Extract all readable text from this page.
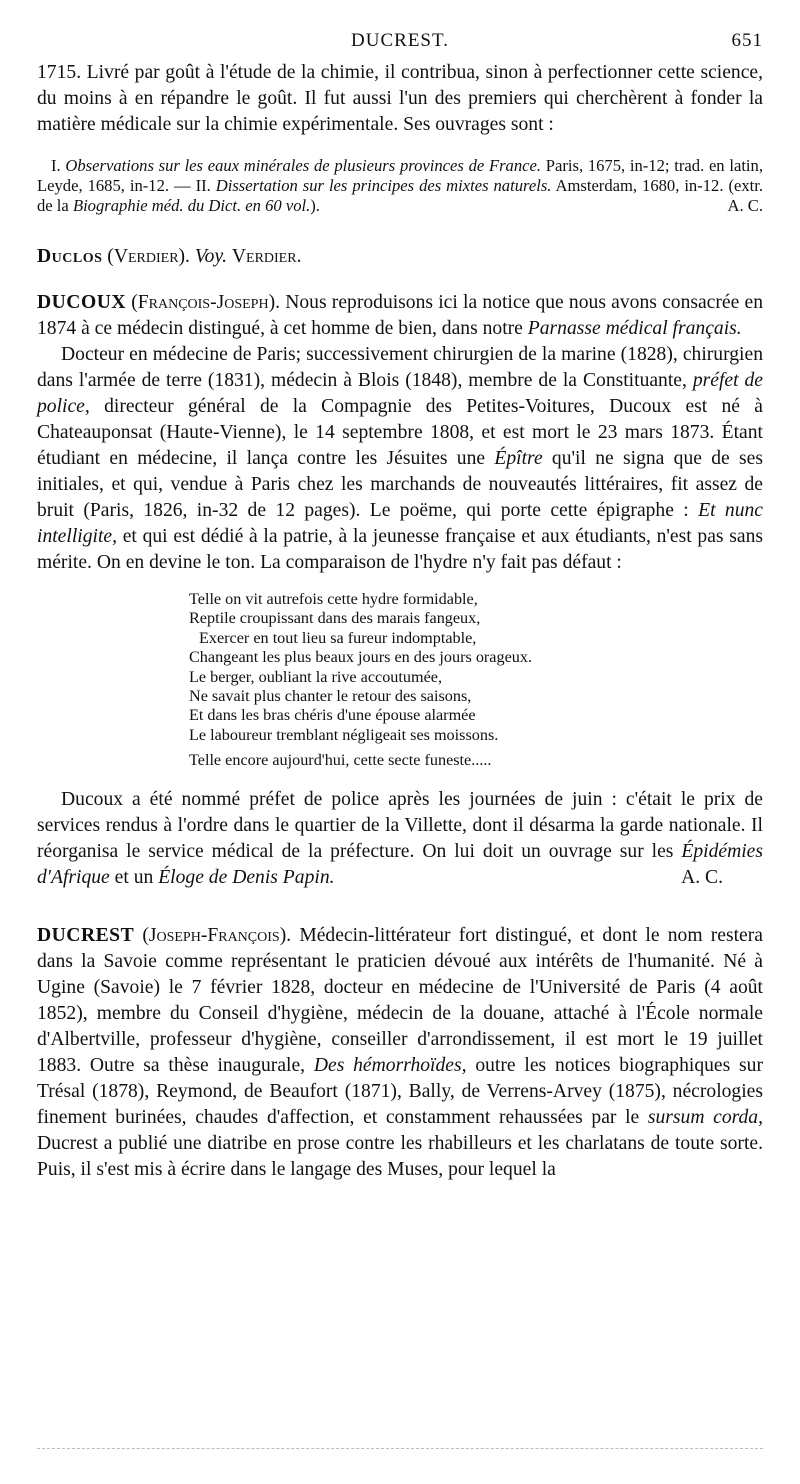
DUCREST.	651

1715. Livré par goût à l'étude de la chimie, il contribua, sinon à perfectionner cette science, du moins à en répandre le goût. Il fut aussi l'un des premiers qui cherchèrent à fonder la matière médicale sur la chimie expérimentale. Ses ouvrages sont :

I. Observations sur les eaux minérales de plusieurs provinces de France. Paris, 1675, in-12; trad. en latin, Leyde, 1685, in-12. — II. Dissertation sur les principes des mixtes naturels. Amsterdam, 1680, in-12. (extr. de la Biographie méd. du Dict. en 60 vol.).	A. C.

Duclos (Verdier). Voy. Verdier.

DUCOUX (François-Joseph). Nous reproduisons ici la notice que nous avons consacrée en 1874 à ce médecin distingué, à cet homme de bien, dans notre Parnasse médical français.

Docteur en médecine de Paris; successivement chirurgien de la marine (1828), chirurgien dans l'armée de terre (1831), médecin à Blois (1848), membre de la Constituante, préfet de police, directeur général de la Compagnie des Petites-Voitures, Ducoux est né à Chateauponsat (Haute-Vienne), le 14 septembre 1808, et est mort le 23 mars 1873. Étant étudiant en médecine, il lança contre les Jésuites une Épître qu'il ne signa que de ses initiales, et qui, vendue à Paris chez les marchands de nouveautés littéraires, fit assez de bruit (Paris, 1826, in-32 de 12 pages). Le poëme, qui porte cette épigraphe : Et nunc intelligite, et qui est dédié à la patrie, à la jeunesse française et aux étudiants, n'est pas sans mérite. On en devine le ton. La comparaison de l'hydre n'y fait pas défaut :

Telle on vit autrefois cette hydre formidable,
Reptile croupissant dans des marais fangeux,
Exercer en tout lieu sa fureur indomptable,
Changeant les plus beaux jours en des jours orageux.
Le berger, oubliant la rive accoutumée,
Ne savait plus chanter le retour des saisons,
Et dans les bras chéris d'une épouse alarmée
Le laboureur tremblant négligeait ses moissons.
Telle encore aujourd'hui, cette secte funeste.....

Ducoux a été nommé préfet de police après les journées de juin : c'était le prix de services rendus à l'ordre dans le quartier de la Villette, dont il désarma la garde nationale. Il réorganisa le service médical de la préfecture. On lui doit un ouvrage sur les Épidémies d'Afrique et un Éloge de Denis Papin.	A. C.

DUCREST (Joseph-François). Médecin-littérateur fort distingué, et dont le nom restera dans la Savoie comme représentant le praticien dévoué aux intérêts de l'humanité. Né à Ugine (Savoie) le 7 février 1828, docteur en médecine de l'Université de Paris (4 août 1852), membre du Conseil d'hygiène, médecin de la douane, attaché à l'École normale d'Albertville, professeur d'hygiène, conseiller d'arrondissement, il est mort le 19 juillet 1883. Outre sa thèse inaugurale, Des hémorrhoïdes, outre les notices biographiques sur Trésal (1878), Reymond, de Beaufort (1871), Bally, de Verrens-Arvey (1875), nécrologies finement burinées, chaudes d'affection, et constamment rehaussées par le sursum corda, Ducrest a publié une diatribe en prose contre les rhabilleurs et les charlatans de toute sorte. Puis, il s'est mis à écrire dans le langage des Muses, pour lequel la
